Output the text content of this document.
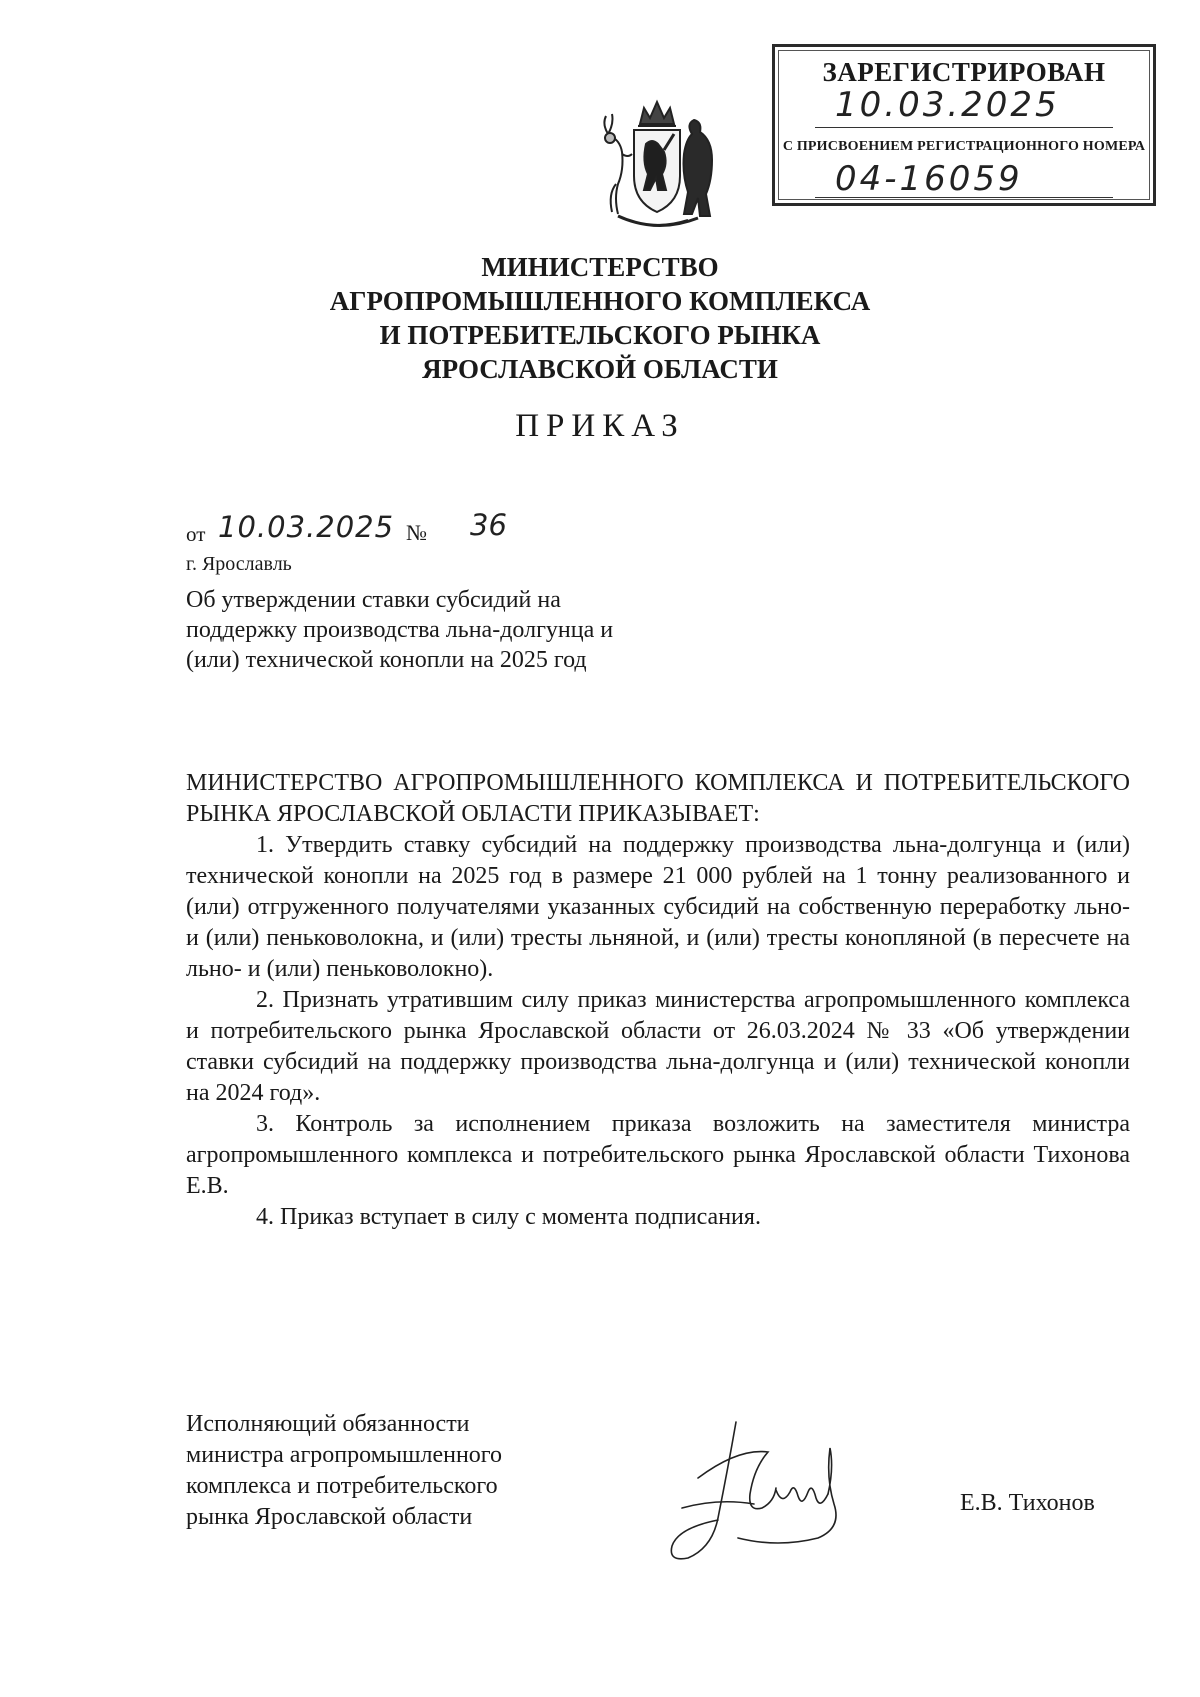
ЗАРЕГИСТРИРОВАН
10.03.2025
С ПРИСВОЕНИЕМ РЕГИСТРАЦИОННОГО НОМЕРА
04-16059
МИНИСТЕРСТВО
АГРОПРОМЫШЛЕННОГО КОМПЛЕКСА
И ПОТРЕБИТЕЛЬСКОГО РЫНКА
ЯРОСЛАВСКОЙ ОБЛАСТИ
ПРИКАЗ
от 10.03.2025 № 36
г. Ярославль
Об утверждении ставки субсидий на поддержку производства льна-долгунца и (или) технической конопли на 2025 год

МИНИСТЕРСТВО АГРОПРОМЫШЛЕННОГО КОМПЛЕКСА И ПОТРЕБИТЕЛЬСКОГО РЫНКА ЯРОСЛАВСКОЙ ОБЛАСТИ ПРИКАЗЫВАЕТ:

1. Утвердить ставку субсидий на поддержку производства льна-долгунца и (или) технической конопли на 2025 год в размере 21 000 рублей на 1 тонну реализованного и (или) отгруженного получателями указанных субсидий на собственную переработку льно- и (или) пеньковолокна, и (или) тресты льняной, и (или) тресты конопляной (в пересчете на льно- и (или) пеньковолокно).

2. Признать утратившим силу приказ министерства агропромышленного комплекса и потребительского рынка Ярославской области от 26.03.2024 № 33 «Об утверждении ставки субсидий на поддержку производства льна-долгунца и (или) технической конопли на 2024 год».

3. Контроль за исполнением приказа возложить на заместителя министра агропромышленного комплекса и потребительского рынка Ярославской области Тихонова Е.В.

4. Приказ вступает в силу с момента подписания.

Исполняющий обязанности
министра агропромышленного
комплекса и потребительского
рынка Ярославской области
Е.В. Тихонов
